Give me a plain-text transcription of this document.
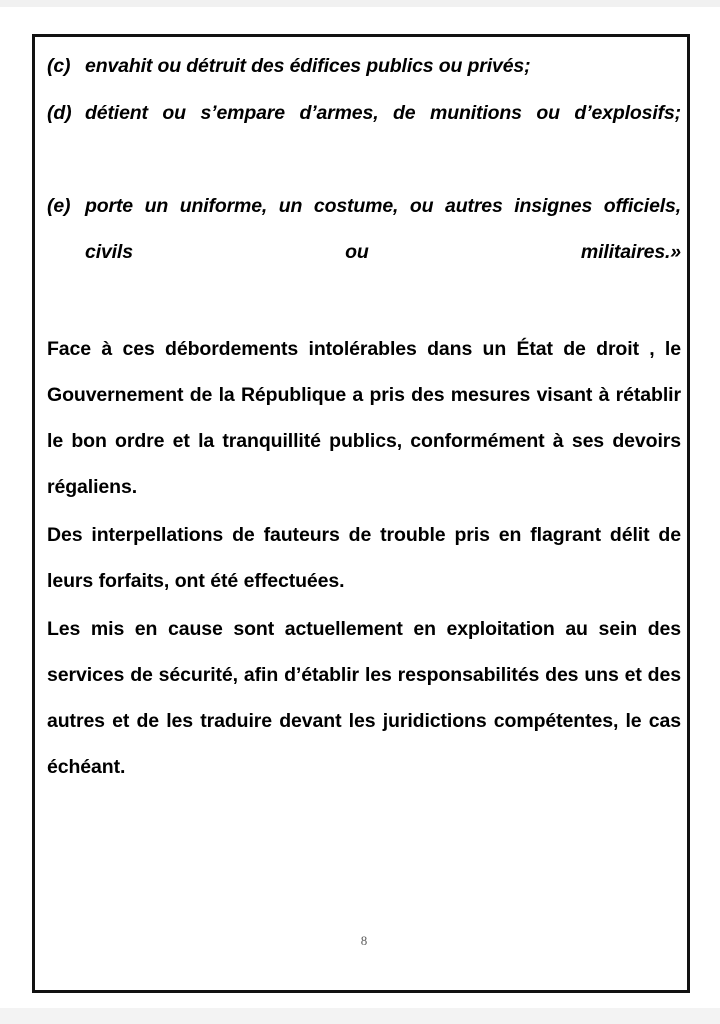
(c) envahit ou détruit des édifices publics ou privés;

(d) détient ou s’empare d’armes, de munitions ou d’explosifs;

(e) porte un uniforme, un costume, ou autres insignes officiels, civils ou militaires.»

Face à ces débordements intolérables dans un État de droit , le Gouvernement de la République a pris des mesures visant à rétablir le bon ordre et la tranquillité publics, conformément à ses devoirs régaliens.

Des interpellations de fauteurs de trouble pris en flagrant délit de leurs forfaits, ont été effectuées.

Les mis en cause sont actuellement en exploitation au sein des services de sécurité, afin d’établir les responsabilités des uns et des autres et de les traduire devant les juridictions compétentes, le cas échéant.

8
